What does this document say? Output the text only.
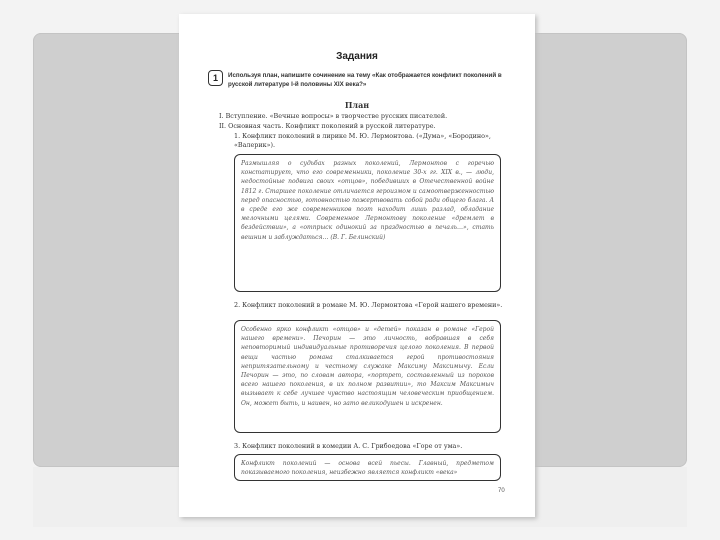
Задания
1	Используя план, напишите сочинение на тему «Как отображается конфликт поколений в русской литературе I-й половины XIX века?»
План
I. Вступление. «Вечные вопросы» в творчестве русских писателей.
II. Основная часть. Конфликт поколений в русской литературе.
1. Конфликт поколений в лирике М. Ю. Лермонтова. («Дума», «Бородино», «Валерик»).

Размышляя о судьбах разных поколений, Лермонтов с горечью констатирует, что его современники, поколение 30-х гг. XIX в., — люди, недостойные подвига своих «отцов», победивших в Отечественной войне 1812 г. Старшее поколение отличается героизмом и самоотверженностью перед опасностью, готовностью пожертвовать собой ради общего блага. А в среде его же современников поэт находит лишь разлад, обладание мелочными целями. Современное Лермонтову поколение «дремлет в бездействии», а «отпрыск одинокий за праздностью в печаль…», стать вешним и заблуждаться… (В. Г. Белинский)

2. Конфликт поколений в романе М. Ю. Лермонтова «Герой нашего времени».

Особенно ярко конфликт «отцов» и «детей» показан в романе «Герой нашего времени». Печорин — это личность, вобравшая в себя неповторимый индивидуальные противоречия целого поколения. В первой вещи частью романа сталкивается герой противостояния непритязательному и честному служаке Максиму Максимычу. Если Печорин — это, по словам автора, «портрет, составленный из пороков всего нашего поколения, в их полном развитии», то Максим Максимыч вызывает к себе лучшее чувство настоящим человеческим приобщением. Он, может быть, и наивен, но зато великодушен и искренен.

3. Конфликт поколений в комедии А. С. Грибоедова «Горе от ума».

Конфликт поколений — основа всей пьесы. Главный, предметом показываемого поколения, неизбежно является конфликт «века»

70
